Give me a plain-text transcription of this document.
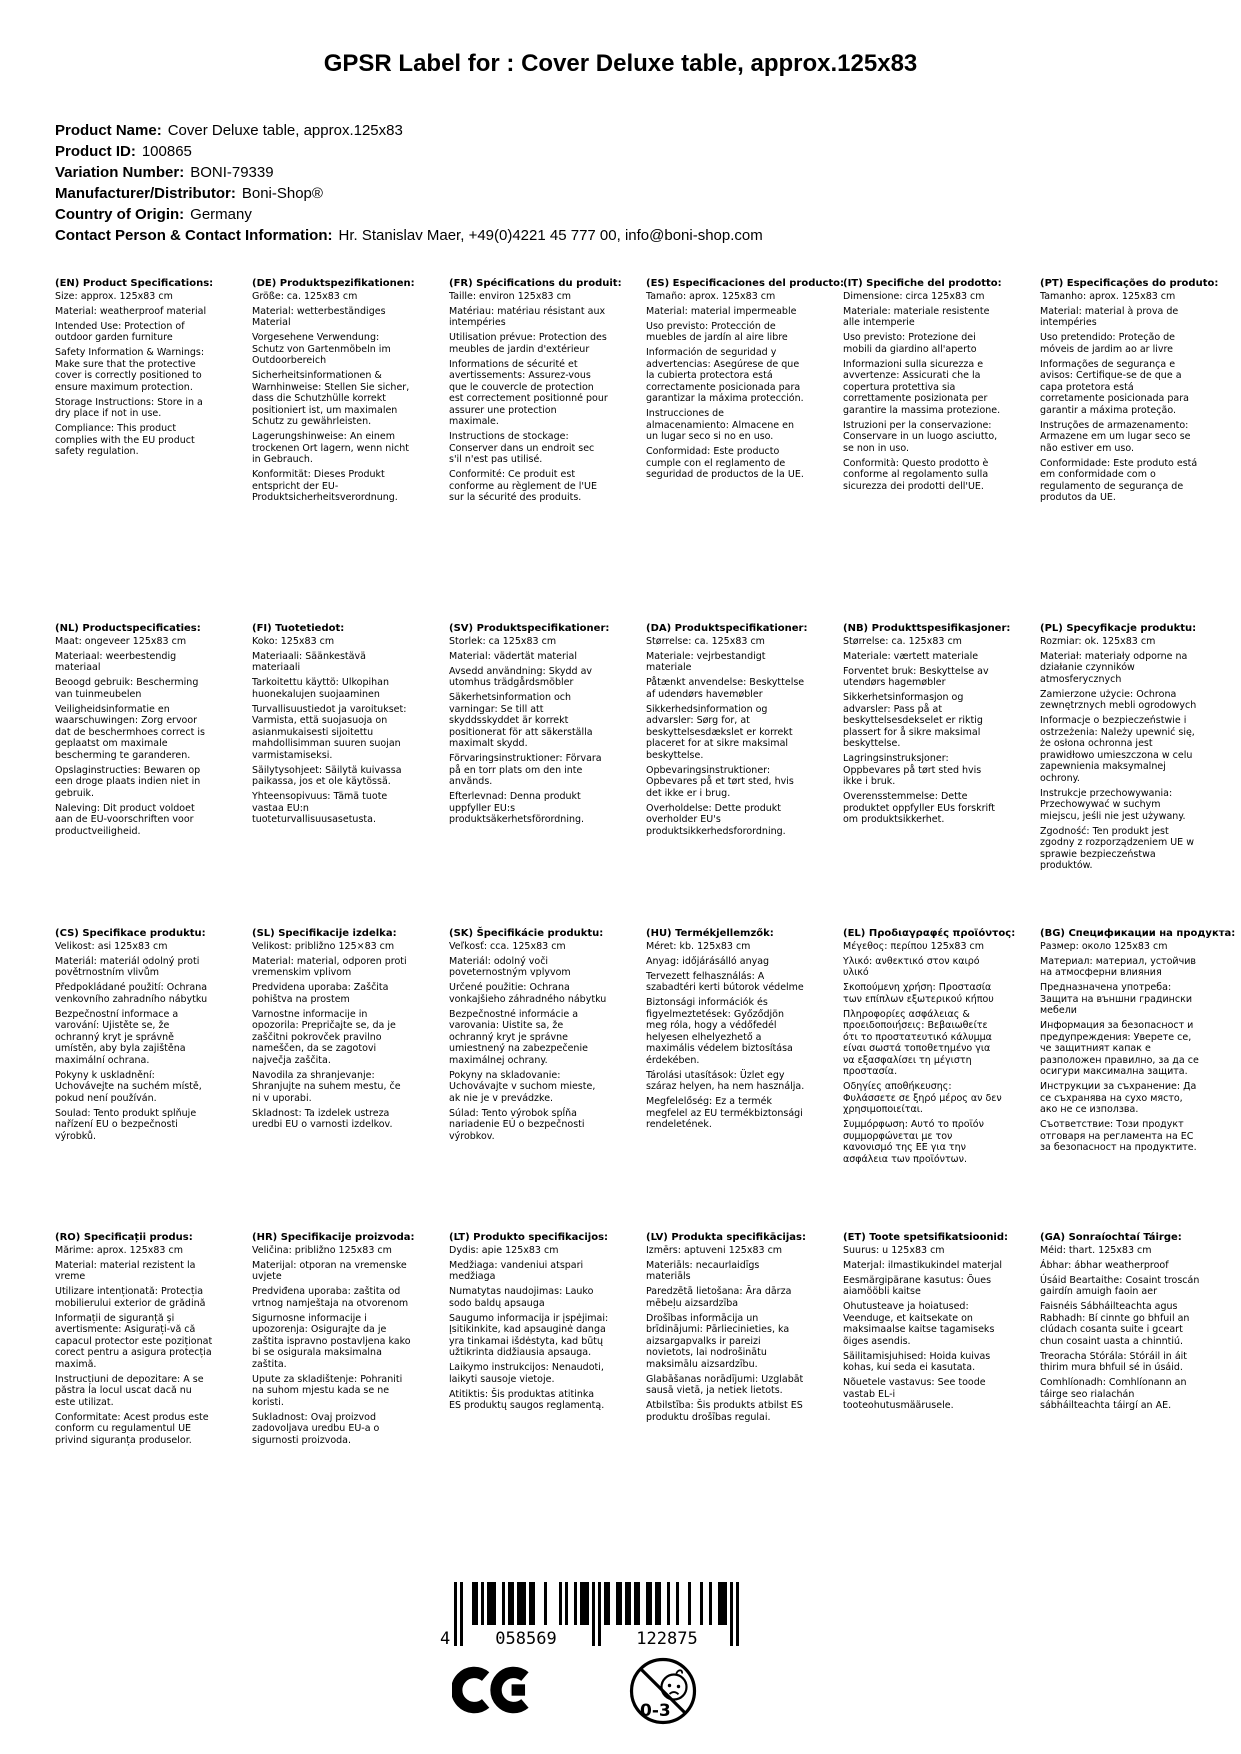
GPSR Label for : Cover Deluxe table, approx.125x83
Product Name: Cover Deluxe table, approx.125x83
Product ID: 100865
Variation Number: BONI-79339
Manufacturer/Distributor: Boni-Shop®
Country of Origin: Germany
Contact Person & Contact Information: Hr. Stanislav Maer, +49(0)4221 45 777 00, info@boni-shop.com
(EN) Product Specifications:

Size: approx. 125x83 cm

Material: weatherproof material

Intended Use: Protection of outdoor garden furniture

Safety Information & Warnings: Make sure that the protective cover is correctly positioned to ensure maximum protection.

Storage Instructions: Store in a dry place if not in use.

Compliance: This product complies with the EU product safety regulation.

(DE) Produktspezifikationen:

Größe: ca. 125x83 cm

Material: wetterbeständiges Material

Vorgesehene Verwendung: Schutz von Gartenmöbeln im Outdoorbereich

Sicherheitsinformationen & Warnhinweise: Stellen Sie sicher, dass die Schutzhülle korrekt positioniert ist, um maximalen Schutz zu gewährleisten.

Lagerungshinweise: An einem trockenen Ort lagern, wenn nicht in Gebrauch.

Konformität: Dieses Produkt entspricht der EU-Produktsicherheitsverordnung.

(FR) Spécifications du produit:

Taille: environ 125x83 cm

Matériau: matériau résistant aux intempéries

Utilisation prévue: Protection des meubles de jardin d'extérieur

Informations de sécurité et avertissements: Assurez-vous que le couvercle de protection est correctement positionné pour assurer une protection maximale.

Instructions de stockage: Conserver dans un endroit sec s'il n'est pas utilisé.

Conformité: Ce produit est conforme au règlement de l'UE sur la sécurité des produits.

(ES) Especificaciones del producto:

Tamaño: aprox. 125x83 cm

Material: material impermeable

Uso previsto: Protección de muebles de jardín al aire libre

Información de seguridad y advertencias: Asegúrese de que la cubierta protectora está correctamente posicionada para garantizar la máxima protección.

Instrucciones de almacenamiento: Almacene en un lugar seco si no en uso.

Conformidad: Este producto cumple con el reglamento de seguridad de productos de la UE.

(IT) Specifiche del prodotto:

Dimensione: circa 125x83 cm

Materiale: materiale resistente alle intemperie

Uso previsto: Protezione dei mobili da giardino all'aperto

Informazioni sulla sicurezza e avvertenze: Assicurati che la copertura protettiva sia correttamente posizionata per garantire la massima protezione.

Istruzioni per la conservazione: Conservare in un luogo asciutto, se non in uso.

Conformità: Questo prodotto è conforme al regolamento sulla sicurezza dei prodotti dell'UE.

(PT) Especificações do produto:

Tamanho: aprox. 125x83 cm

Material: material à prova de intempéries

Uso pretendido: Proteção de móveis de jardim ao ar livre

Informações de segurança e avisos: Certifique-se de que a capa protetora está corretamente posicionada para garantir a máxima proteção.

Instruções de armazenamento: Armazene em um lugar seco se não estiver em uso.

Conformidade: Este produto está em conformidade com o regulamento de segurança de produtos da UE.

(NL) Productspecificaties:

Maat: ongeveer 125x83 cm

Materiaal: weerbestendig materiaal

Beoogd gebruik: Bescherming van tuinmeubelen

Veiligheidsinformatie en waarschuwingen: Zorg ervoor dat de beschermhoes correct is geplaatst om maximale bescherming te garanderen.

Opslaginstructies: Bewaren op een droge plaats indien niet in gebruik.

Naleving: Dit product voldoet aan de EU-voorschriften voor productveiligheid.

(FI) Tuotetiedot:

Koko: 125x83 cm

Materiaali: Säänkestävä materiaali

Tarkoitettu käyttö: Ulkopihan huonekalujen suojaaminen

Turvallisuustiedot ja varoitukset: Varmista, että suojasuoja on asianmukaisesti sijoitettu mahdollisimman suuren suojan varmistamiseksi.

Säilytysohjeet: Säilytä kuivassa paikassa, jos et ole käytössä.

Yhteensopivuus: Tämä tuote vastaa EU:n tuoteturvallisuusasetusta.

(SV) Produktspecifikationer:

Storlek: ca 125x83 cm

Material: vädertät material

Avsedd användning: Skydd av utomhus trädgårdsmöbler

Säkerhetsinformation och varningar: Se till att skyddsskyddet är korrekt positionerat för att säkerställa maximalt skydd.

Förvaringsinstruktioner: Förvara på en torr plats om den inte används.

Efterlevnad: Denna produkt uppfyller EU:s produktsäkerhetsförordning.

(DA) Produktspecifikationer:

Størrelse: ca. 125x83 cm

Materiale: vejrbestandigt materiale

Påtænkt anvendelse: Beskyttelse af udendørs havemøbler

Sikkerhedsinformation og advarsler: Sørg for, at beskyttelsesdækslet er korrekt placeret for at sikre maksimal beskyttelse.

Opbevaringsinstruktioner: Opbevares på et tørt sted, hvis det ikke er i brug.

Overholdelse: Dette produkt overholder EU's produktsikkerhedsforordning.

(NB) Produkttspesifikasjoner:

Størrelse: ca. 125x83 cm

Materiale: værtett materiale

Forventet bruk: Beskyttelse av utendørs hagemøbler

Sikkerhetsinformasjon og advarsler: Pass på at beskyttelsesdekselet er riktig plassert for å sikre maksimal beskyttelse.

Lagringsinstruksjoner: Oppbevares på tørt sted hvis ikke i bruk.

Overensstemmelse: Dette produktet oppfyller EUs forskrift om produktsikkerhet.

(PL) Specyfikacje produktu:

Rozmiar: ok. 125x83 cm

Materiał: materiały odporne na działanie czynników atmosferycznych

Zamierzone użycie: Ochrona zewnętrznych mebli ogrodowych

Informacje o bezpieczeństwie i ostrzeżenia: Należy upewnić się, że osłona ochronna jest prawidłowo umieszczona w celu zapewnienia maksymalnej ochrony.

Instrukcje przechowywania: Przechowywać w suchym miejscu, jeśli nie jest używany.

Zgodność: Ten produkt jest zgodny z rozporządzeniem UE w sprawie bezpieczeństwa produktów.

(CS) Specifikace produktu:

Velikost: asi 125x83 cm

Materiál: materiál odolný proti povětrnostním vlivům

Předpokládané použití: Ochrana venkovního zahradního nábytku

Bezpečnostní informace a varování: Ujistěte se, že ochranný kryt je správně umístěn, aby byla zajištěna maximální ochrana.

Pokyny k uskladnění: Uchovávejte na suchém místě, pokud není používán.

Soulad: Tento produkt splňuje nařízení EU o bezpečnosti výrobků.

(SL) Specifikacije izdelka:

Velikost: približno 125×83 cm

Material: material, odporen proti vremenskim vplivom

Predvidena uporaba: Zaščita pohištva na prostem

Varnostne informacije in opozorila: Prepričajte se, da je zaščitni pokrovček pravilno nameščen, da se zagotovi največja zaščita.

Navodila za shranjevanje: Shranjujte na suhem mestu, če ni v uporabi.

Skladnost: Ta izdelek ustreza uredbi EU o varnosti izdelkov.

(SK) Špecifikácie produktu:

Veľkosť: cca. 125x83 cm

Materiál: odolný voči poveternostným vplyvom

Určené použitie: Ochrana vonkajšieho záhradného nábytku

Bezpečnostné informácie a varovania: Uistite sa, že ochranný kryt je správne umiestnený na zabezpečenie maximálnej ochrany.

Pokyny na skladovanie: Uchovávajte v suchom mieste, ak nie je v prevádzke.

Súlad: Tento výrobok spĺňa nariadenie EÚ o bezpečnosti výrobkov.

(HU) Termékjellemzők:

Méret: kb. 125x83 cm

Anyag: időjárásálló anyag

Tervezett felhasználás: A szabadtéri kerti bútorok védelme

Biztonsági információk és figyelmeztetések: Győződjön meg róla, hogy a védőfedél helyesen elhelyezhető a maximális védelem biztosítása érdekében.

Tárolási utasítások: Üzlet egy száraz helyen, ha nem használja.

Megfelelőség: Ez a termék megfelel az EU termékbiztonsági rendeletének.

(EL) Προδιαγραφές προϊόντος:

Μέγεθος: περίπου 125x83 cm

Υλικό: ανθεκτικό στον καιρό υλικό

Σκοπούμενη χρήση: Προστασία των επίπλων εξωτερικού κήπου

Πληροφορίες ασφάλειας & προειδοποιήσεις: Βεβαιωθείτε ότι το προστατευτικό κάλυμμα είναι σωστά τοποθετημένο για να εξασφαλίσει τη μέγιστη προστασία.

Οδηγίες αποθήκευσης: Φυλάσσετε σε ξηρό μέρος αν δεν χρησιμοποιείται.

Συμμόρφωση: Αυτό το προϊόν συμμορφώνεται με τον κανονισμό της ΕΕ για την ασφάλεια των προϊόντων.

(BG) Спецификации на продукта:

Размер: около 125x83 cm

Материал: материал, устойчив на атмосферни влияния

Предназначена употреба: Защита на външни градински мебели

Информация за безопасност и предупреждения: Уверете се, че защитният капак е разположен правилно, за да се осигури максимална защита.

Инструкции за съхранение: Да се съхранява на сухо място, ако не се използва.

Съответствие: Този продукт отговаря на регламента на ЕС за безопасност на продуктите.

(RO) Specificații produs:

Mărime: aprox. 125x83 cm

Material: material rezistent la vreme

Utilizare intenționată: Protecția mobilierului exterior de grădină

Informații de siguranță și avertismente: Asigurați-vă că capacul protector este poziționat corect pentru a asigura protecția maximă.

Instrucțiuni de depozitare: A se păstra la locul uscat dacă nu este utilizat.

Conformitate: Acest produs este conform cu regulamentul UE privind siguranța produselor.

(HR) Specifikacije proizvoda:

Veličina: približno 125x83 cm

Materijal: otporan na vremenske uvjete

Predviđena uporaba: zaštita od vrtnog namještaja na otvorenom

Sigurnosne informacije i upozorenja: Osigurajte da je zaštita ispravno postavljena kako bi se osigurala maksimalna zaštita.

Upute za skladištenje: Pohraniti na suhom mjestu kada se ne koristi.

Sukladnost: Ovaj proizvod zadovoljava uredbu EU-a o sigurnosti proizvoda.

(LT) Produkto specifikacijos:

Dydis: apie 125x83 cm

Medžiaga: vandeniui atspari medžiaga

Numatytas naudojimas: Lauko sodo baldų apsauga

Saugumo informacija ir įspėjimai: Įsitikinkite, kad apsauginė danga yra tinkamai išdėstyta, kad būtų užtikrinta didžiausia apsauga.

Laikymo instrukcijos: Nenaudoti, laikyti sausoje vietoje.

Atitiktis: Šis produktas atitinka ES produktų saugos reglamentą.

(LV) Produkta specifikācijas:

Izmērs: aptuveni 125x83 cm

Materiāls: necaurlaidīgs materiāls

Paredzētā lietošana: Āra dārza mēbeļu aizsardzība

Drošības informācija un brīdinājumi: Pārliecinieties, ka aizsargapvalks ir pareizi novietots, lai nodrošinātu maksimālu aizsardzību.

Glabāšanas norādījumi: Uzglabāt sausā vietā, ja netiek lietots.

Atbilstība: Šis produkts atbilst ES produktu drošības regulai.

(ET) Toote spetsifikatsioonid:

Suurus: u 125x83 cm

Materjal: ilmastikukindel materjal

Eesmärgipärane kasutus: Õues aiamööbli kaitse

Ohutusteave ja hoiatused: Veenduge, et kaitsekate on maksimaalse kaitse tagamiseks õiges asendis.

Säilitamisjuhised: Hoida kuivas kohas, kui seda ei kasutata.

Nõuetele vastavus: See toode vastab EL-i tooteohutusmäärusele.

(GA) Sonraíochtaí Táirge:

Méid: thart. 125x83 cm

Ábhar: ábhar weatherproof

Úsáid Beartaithe: Cosaint troscán gairdín amuigh faoin aer

Faisnéis Sábháilteachta agus Rabhadh: Bí cinnte go bhfuil an clúdach cosanta suite i gceart chun cosaint uasta a chinntiú.

Treoracha Stórála: Stóráil in áit thirim mura bhfuil sé in úsáid.

Comhlíonadh: Comhlíonann an táirge seo rialachán sábháilteachta táirgí an AE.

4	058569	122875
0-3
